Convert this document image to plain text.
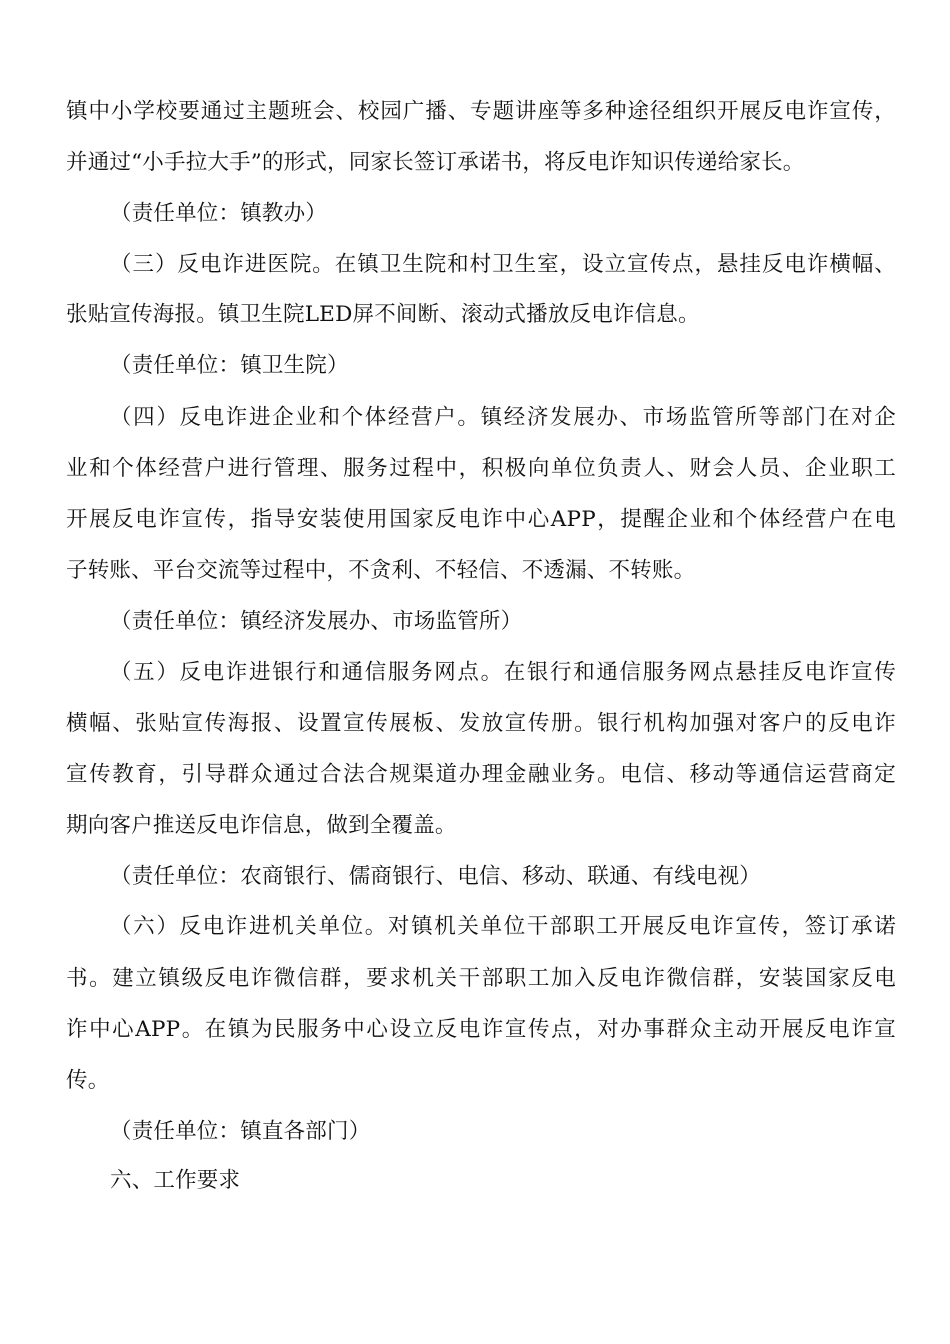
镇中小学校要通过主题班会、校园广播、专题讲座等多种途径组织开展反电诈宣传，
并通过“小手拉大手”的形式，同家长签订承诺书，将反电诈知识传递给家长。
（责任单位：镇教办）
（三）反电诈进医院。在镇卫生院和村卫生室，设立宣传点，悬挂反电诈横幅、
张贴宣传海报。镇卫生院LED屏不间断、滚动式播放反电诈信息。
（责任单位：镇卫生院）
（四）反电诈进企业和个体经营户。镇经济发展办、市场监管所等部门在对企
业和个体经营户进行管理、服务过程中，积极向单位负责人、财会人员、企业职工
开展反电诈宣传，指导安装使用国家反电诈中心APP，提醒企业和个体经营户在电
子转账、平台交流等过程中，不贪利、不轻信、不透漏、不转账。
（责任单位：镇经济发展办、市场监管所）
（五）反电诈进银行和通信服务网点。在银行和通信服务网点悬挂反电诈宣传
横幅、张贴宣传海报、设置宣传展板、发放宣传册。银行机构加强对客户的反电诈
宣传教育，引导群众通过合法合规渠道办理金融业务。电信、移动等通信运营商定
期向客户推送反电诈信息，做到全覆盖。
（责任单位：农商银行、儒商银行、电信、移动、联通、有线电视）
（六）反电诈进机关单位。对镇机关单位干部职工开展反电诈宣传，签订承诺
书。建立镇级反电诈微信群，要求机关干部职工加入反电诈微信群，安装国家反电
诈中心APP。在镇为民服务中心设立反电诈宣传点，对办事群众主动开展反电诈宣
传。
（责任单位：镇直各部门）
六、工作要求
